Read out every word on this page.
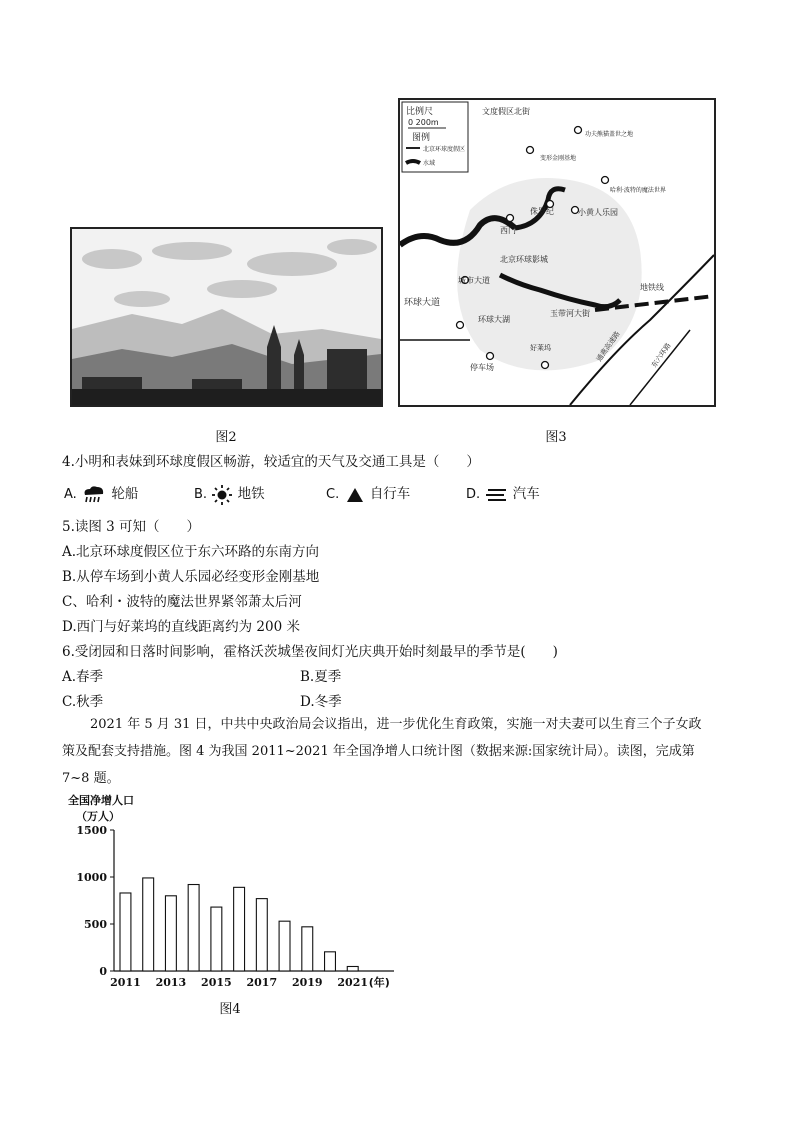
比例尺
0 200m
图例
北京环球度假区
水域
文度假区北街
变形金刚基地
功夫熊猫盖世之地
哈利·波特的魔法世界
侏罗纪	小黄人乐园
西门
北京环球影城
城市大道
环球大道
环球大湖
停车场
玉带河大街
地铁线
好莱坞	通燕高速路	东六环路
图2	图3
4.小明和表妹到环球度假区畅游，较适宜的天气及交通工具是（　　）
A.	轮船	B. 地铁	C. 自行车	D. 汽车
5.读图 3 可知（　　）
A.北京环球度假区位于东六环路的东南方向
B.从停车场到小黄人乐园必经变形金刚基地
C、哈利・波特的魔法世界紧邻萧太后河
D.西门与好莱坞的直线距离约为 200 米
6.受闭园和日落时间影响，霍格沃茨城堡夜间灯光庆典开始时刻最早的季节是(　　)
A.春季	B.夏季
C.秋季	D.冬季
2021 年 5 月 31 日，中共中央政治局会议指出，进一步优化生育政策，实施一对夫妻可以生育三个子女政
策及配套支持措施。图 4 为我国 2011~2021 年全国净增人口统计图（数据来源:国家统计局）。读图，完成第
7~8 题。
全国净增人口
（万人）
0
500
1000
1500
2011 2013 2015 2017 2019 2021 (年)
图4
